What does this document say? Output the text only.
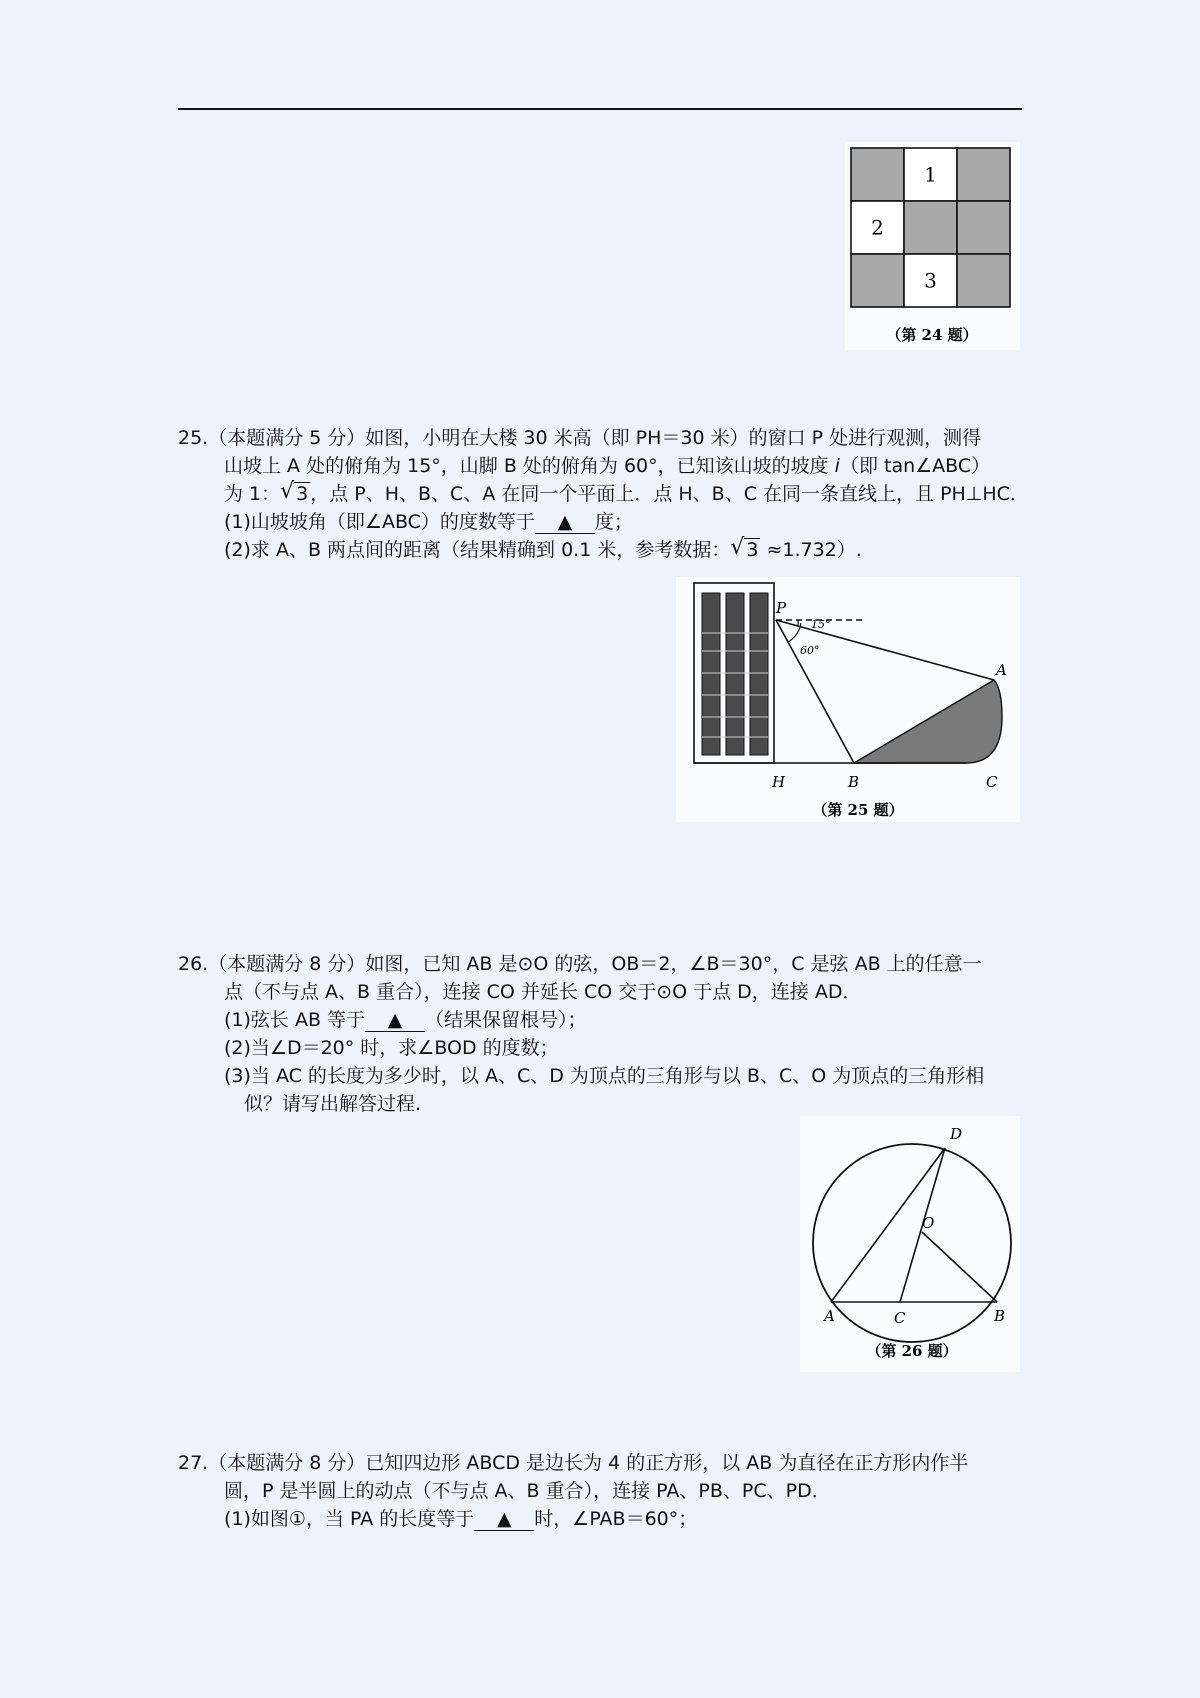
1
2
3
（第 24 题）
25.（本题满分 5 分）如图，小明在大楼 30 米高（即 PH＝30 米）的窗口 P 处进行观测，测得
山坡上 A 处的俯角为 15°，山脚 B 处的俯角为 60°，已知该山坡的坡度 i（即 tan∠ABC）
为 1： √ 3 ，点 P、H、B、C、A 在同一个平面上．点 H、B、C 在同一条直线上，且 PH⊥HC．
(1)山坡坡角（即∠ABC）的度数等于 ▲ 度；
(2)求 A、B 两点间的距离（结果精确到 0.1 米，参考数据： √ 3 ≈1.732）.
P
A
H	B	C
15°
60°
（第 25 题）
26.（本题满分 8 分）如图，已知 AB 是⊙O 的弦，OB＝2，∠B＝30°，C 是弦 AB 上的任意一
点（不与点 A、B 重合），连接 CO 并延长 CO 交于⊙O 于点 D，连接 AD．
(1)弦长 AB 等于 ▲ （结果保留根号）；
(2)当∠D＝20° 时，求∠BOD 的度数；
(3)当 AC 的长度为多少时，以 A、C、D 为顶点的三角形与以 B、C、O 为顶点的三角形相
似？请写出解答过程.
D
O
A	C	B
（第 26 题）
27.（本题满分 8 分）已知四边形 ABCD 是边长为 4 的正方形，以 AB 为直径在正方形内作半
圆，P 是半圆上的动点（不与点 A、B 重合），连接 PA、PB、PC、PD．
(1)如图①，当 PA 的长度等于 ▲ 时，∠PAB＝60°；
